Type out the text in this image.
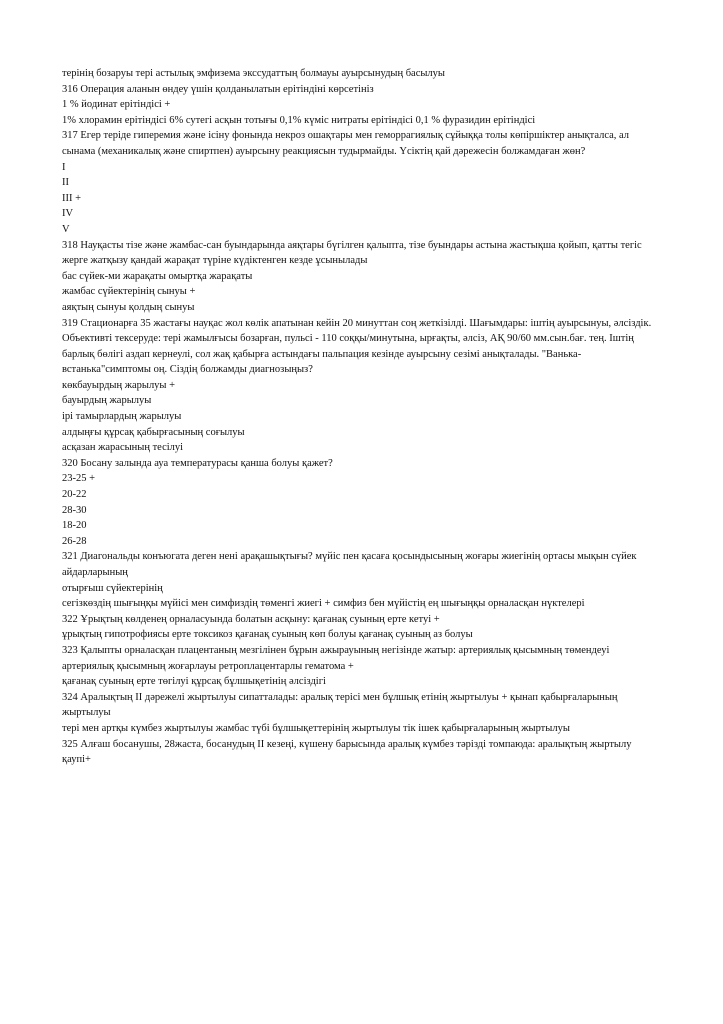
терінің бозаруы тері астылық эмфизема экссудаттың болмауы ауырсынудың басылуы
316 Операция аланын өндеу үшін қолданылатын ерітіндіні көрсетініз
1 % йодинат ерітіндісі +
1% хлорамин ерітіндісі 6% сутегі асқын тотығы 0,1% күміс нитраты ерітіндісі 0,1 % фуразидин ерітіндісі
317 Егер теріде гиперемия және ісіну фонында некроз ошақтары мен геморрагиялық сұйыққа толы көпіршіктер анықталса, ал сынама (механикалық және спиртпен) ауырсыну реакциясын тудырмайды. Үсіктің қай дәрежесін болжамдаған жөн?
I
II
III +
IV
V
318 Науқасты тізе және жамбас-сан буындарында аяқтары бүгілген қалыпта, тізе буындары астына жастықша қойып, қатты тегіс жерге жатқызу қандай жарақат түріне күдіктенген кезде ұсынылады
бас сүйек-ми жарақаты омыртқа жарақаты
жамбас сүйектерінің сынуы +
аяқтың сынуы қолдың сынуы
319 Стационарға 35 жастағы науқас жол көлік апатынан кейін 20 минуттан соң жеткізілді. Шағымдары: іштің ауырсынуы, әлсіздік. Объективті тексеруде: тері жамылғысы бозарған, пульсі - 110 соққы/минутына, ырғақты, әлсіз, АҚ 90/60 мм.сын.бағ. тең. Іштің барлық бөлігі аздап кернеулі, сол жақ қабырға астындағы пальпация кезінде ауырсыну сезімі анықталады. "Ванька-встанька"симптомы оң. Сіздің болжамды диагнозыңыз?
көкбауырдың жарылуы +
бауырдың жарылуы
ірі тамырлардың жарылуы
алдыңғы құрсақ қабырғасының соғылуы
асқазан жарасының тесілуі
320 Босану залында ауа температурасы қанша болуы қажет?
23-25 +
20-22
28-30
18-20
26-28
321 Диагональды конъюгата деген нені арақашықтығы? мүйіс пен қасаға қосындысының жоғары жиегінің ортасы мықын сүйек айдарларының
отырғыш сүйектерінің
сегізкөздің шығыңқы мүйісі мен симфиздің төменгі жиегі + симфиз бен мүйістің ең шығыңқы орналасқан нүктелері
322 Ұрықтың көлденең орналасуында болатын асқыну: қағанақ суының ерте кетуі +
ұрықтың гипотрофиясы ерте токсикоз қағанақ суының көп болуы қағанақ суының аз болуы
323 Қалыпты орналасқан плацентаның мезгілінен бұрын ажырауының негізінде жатыр: артериялық қысымның төмендеуі артериялық қысымның жоғарлауы ретроплацентарлы гематома +
қағанақ суының ерте төгілуі құрсақ бұлшықетінің әлсіздігі
324 Аралықтың II дәрежелі жыртылуы сипатталады: аралық терісі мен бұлшық етінің жыртылуы + қынап қабырғаларының жыртылуы
тері мен артқы күмбез жыртылуы жамбас түбі бұлшықеттерінің жыртылуы тік ішек қабырғаларының жыртылуы
325 Алғаш босанушы, 28жаста, босанудың II кезеңі, күшену барысында аралық күмбез тәрізді томпаюда: аралықтың жыртылу қаупі+
